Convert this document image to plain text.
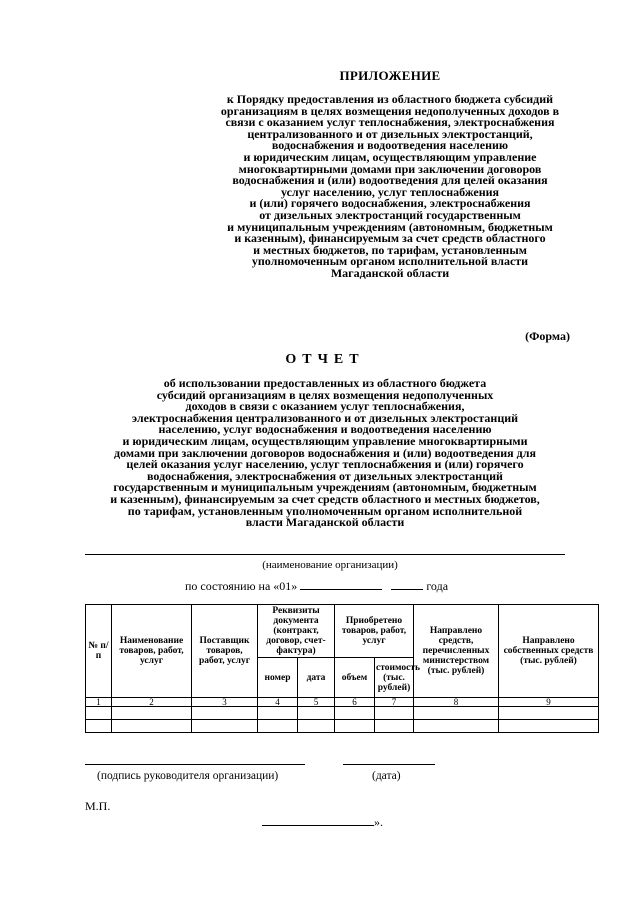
ПРИЛОЖЕНИЕ
к Порядку предоставления из областного бюджета субсидий
организациям в целях возмещения недополученных доходов в
связи с оказанием услуг теплоснабжения, электроснабжения
централизованного и от дизельных электростанций,
водоснабжения и водоотведения населению
и юридическим лицам, осуществляющим управление
многоквартирными домами при заключении договоров
водоснабжения и (или) водоотведения для целей оказания
услуг населению, услуг теплоснабжения
и (или) горячего водоснабжения, электроснабжения
от дизельных электростанций государственным
и муниципальным учреждениям (автономным, бюджетным
и казенным), финансируемым за счет средств областного
и местных бюджетов, по тарифам, установленным
уполномоченным органом исполнительной власти
Магаданской области
(Форма)
ОТЧЕТ
об использовании предоставленных из областного бюджета
субсидий организациям в целях возмещения недополученных
доходов в связи с оказанием услуг теплоснабжения,
электроснабжения централизованного и от дизельных электростанций
населению, услуг водоснабжения и водоотведения населению
и юридическим лицам, осуществляющим управление многоквартирными
домами при заключении договоров водоснабжения и (или) водоотведения для
целей оказания услуг населению, услуг теплоснабжения и (или) горячего
водоснабжения, электроснабжения от дизельных электростанций
государственным и муниципальным учреждениям (автономным, бюджетным
и казенным), финансируемым за счет средств областного и местных бюджетов,
по тарифам, установленным уполномоченным органом исполнительной
власти Магаданской области
(наименование организации)
по состоянию на «01»	года
№ п/п	Наименование товаров, работ, услуг	Поставщик товаров, работ, услуг	Реквизиты документа (контракт, договор, счет-фактура)		Приобретено товаров, работ, услуг		Направлено средств, перечисленных министерством (тыс. рублей)	Направлено собственных средств (тыс. рублей)
			номер	дата	объем	стоимость (тыс. рублей)		
1	2	3	4	5	6	7	8	9

(подпись руководителя организации)	(дата)
М.П.
».
